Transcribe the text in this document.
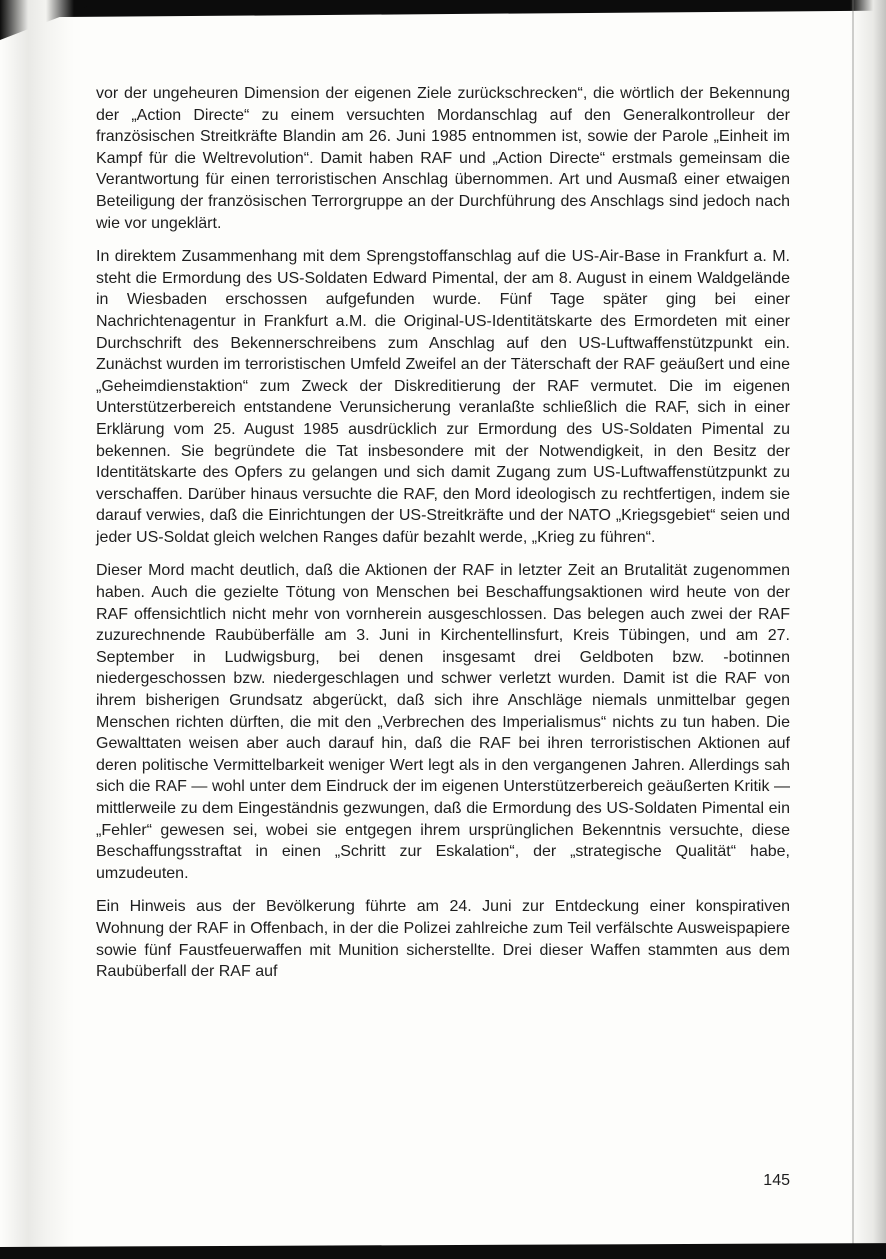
vor der ungeheuren Dimension der eigenen Ziele zurückschrecken“, die wörtlich der Bekennung der „Action Directe“ zu einem versuchten Mordanschlag auf den Generalkontrolleur der französischen Streitkräfte Blandin am 26. Juni 1985 entnommen ist, sowie der Parole „Einheit im Kampf für die Weltrevolution“. Damit haben RAF und „Action Directe“ erstmals gemeinsam die Verantwortung für einen terroristischen Anschlag übernommen. Art und Ausmaß einer etwaigen Beteiligung der französischen Terrorgruppe an der Durchführung des Anschlags sind jedoch nach wie vor ungeklärt.

In direktem Zusammenhang mit dem Sprengstoffanschlag auf die US-Air-Base in Frankfurt a. M. steht die Ermordung des US-Soldaten Edward Pimental, der am 8. August in einem Waldgelände in Wiesbaden erschossen aufgefunden wurde. Fünf Tage später ging bei einer Nachrichtenagentur in Frankfurt a.M. die Original-US-Identitätskarte des Ermordeten mit einer Durchschrift des Bekennerschreibens zum Anschlag auf den US-Luftwaffenstützpunkt ein. Zunächst wurden im terroristischen Umfeld Zweifel an der Täterschaft der RAF geäußert und eine „Geheimdienstaktion“ zum Zweck der Diskreditierung der RAF vermutet. Die im eigenen Unterstützerbereich entstandene Verunsicherung veranlaßte schließlich die RAF, sich in einer Erklärung vom 25. August 1985 ausdrücklich zur Ermordung des US-Soldaten Pimental zu bekennen. Sie begründete die Tat insbesondere mit der Notwendigkeit, in den Besitz der Identitätskarte des Opfers zu gelangen und sich damit Zugang zum US-Luftwaffenstützpunkt zu verschaffen. Darüber hinaus versuchte die RAF, den Mord ideologisch zu rechtfertigen, indem sie darauf verwies, daß die Einrichtungen der US-Streitkräfte und der NATO „Kriegsgebiet“ seien und jeder US-Soldat gleich welchen Ranges dafür bezahlt werde, „Krieg zu führen“.

Dieser Mord macht deutlich, daß die Aktionen der RAF in letzter Zeit an Brutalität zugenommen haben. Auch die gezielte Tötung von Menschen bei Beschaffungsaktionen wird heute von der RAF offensichtlich nicht mehr von vornherein ausgeschlossen. Das belegen auch zwei der RAF zuzurechnende Raubüberfälle am 3. Juni in Kirchentellinsfurt, Kreis Tübingen, und am 27. September in Ludwigsburg, bei denen insgesamt drei Geldboten bzw. -botinnen niedergeschossen bzw. niedergeschlagen und schwer verletzt wurden. Damit ist die RAF von ihrem bisherigen Grundsatz abgerückt, daß sich ihre Anschläge niemals unmittelbar gegen Menschen richten dürften, die mit den „Verbrechen des Imperialismus“ nichts zu tun haben. Die Gewalttaten weisen aber auch darauf hin, daß die RAF bei ihren terroristischen Aktionen auf deren politische Vermittelbarkeit weniger Wert legt als in den vergangenen Jahren. Allerdings sah sich die RAF — wohl unter dem Eindruck der im eigenen Unterstützerbereich geäußerten Kritik — mittlerweile zu dem Eingeständnis gezwungen, daß die Ermordung des US-Soldaten Pimental ein „Fehler“ gewesen sei, wobei sie entgegen ihrem ursprünglichen Bekenntnis versuchte, diese Beschaffungsstraftat in einen „Schritt zur Eskalation“, der „strategische Qualität“ habe, umzudeuten.

Ein Hinweis aus der Bevölkerung führte am 24. Juni zur Entdeckung einer konspirativen Wohnung der RAF in Offenbach, in der die Polizei zahlreiche zum Teil verfälschte Ausweispapiere sowie fünf Faustfeuerwaffen mit Munition sicherstellte. Drei dieser Waffen stammten aus dem Raubüberfall der RAF auf

145
